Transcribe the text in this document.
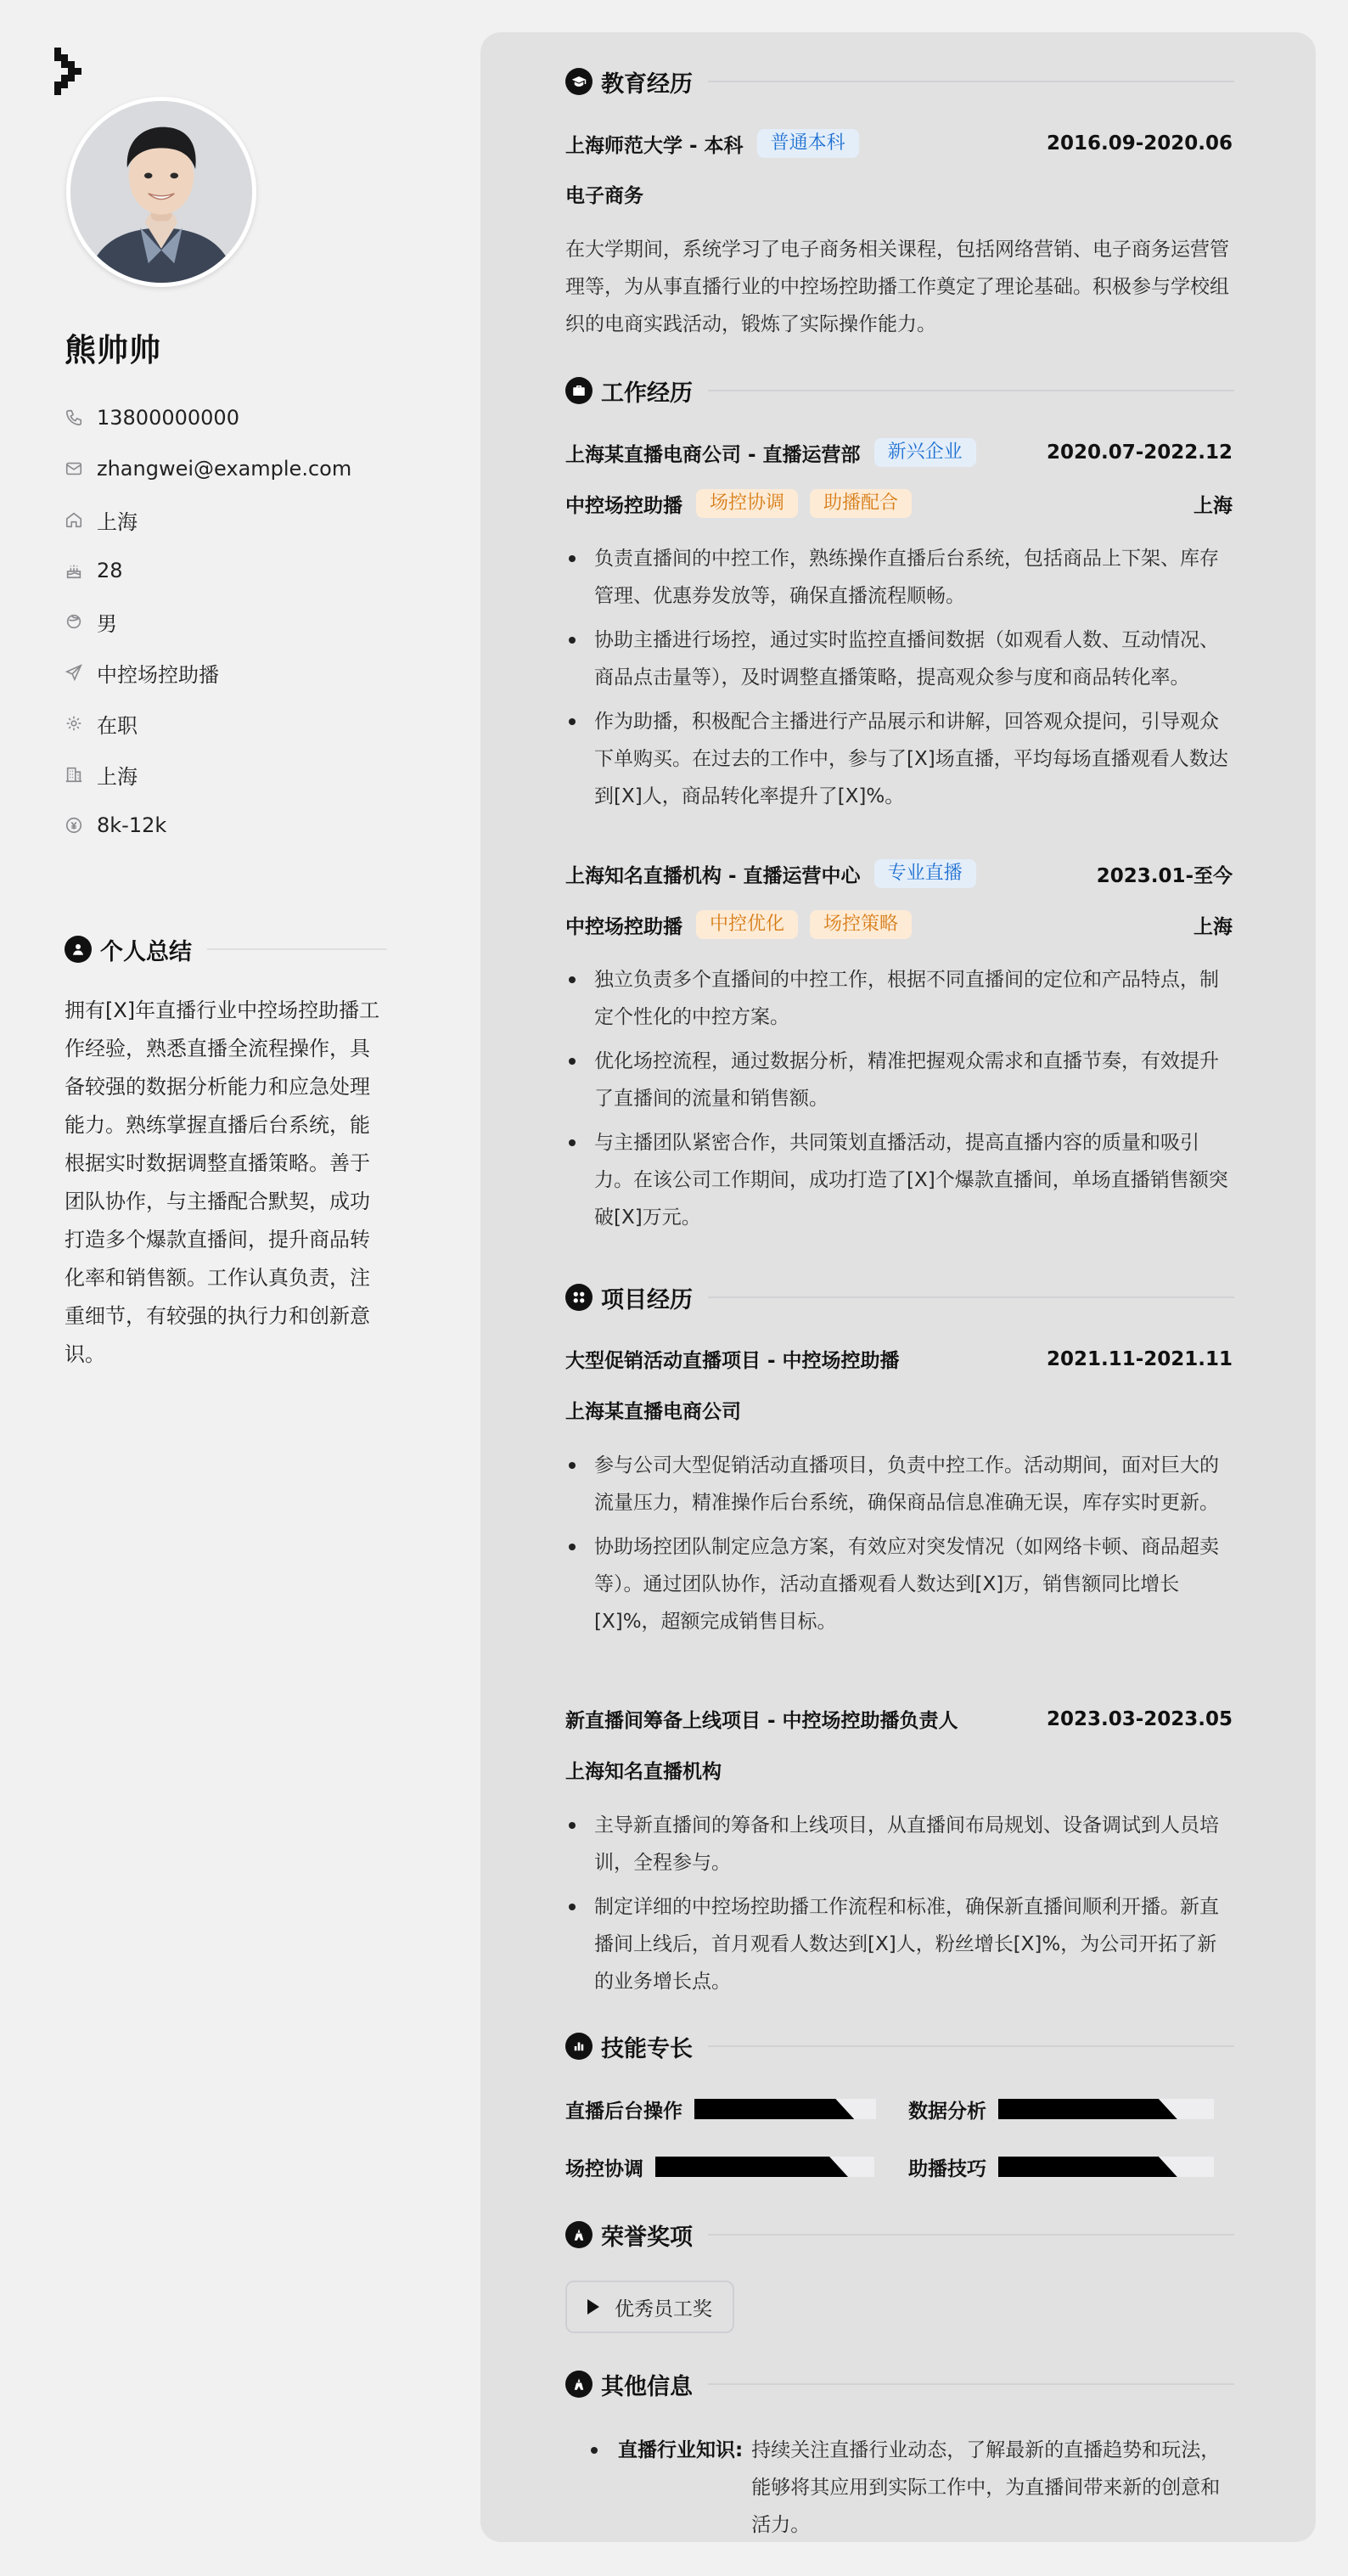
熊帅帅
13800000000
zhangwei@example.com
上海
28
男
中控场控助播
在职
上海
8k-12k
个人总结
拥有[X]年直播行业中控场控助播工作经验，熟悉直播全流程操作，具备较强的数据分析能力和应急处理能力。熟练掌握直播后台系统，能根据实时数据调整直播策略。善于团队协作，与主播配合默契，成功打造多个爆款直播间，提升商品转化率和销售额。工作认真负责，注重细节，有较强的执行力和创新意识。
教育经历
上海师范大学 - 本科	普通本科	2016.09-2020.06
电子商务
在大学期间，系统学习了电子商务相关课程，包括网络营销、电子商务运营管理等，为从事直播行业的中控场控助播工作奠定了理论基础。积极参与学校组织的电商实践活动，锻炼了实际操作能力。
工作经历
上海某直播电商公司 - 直播运营部	新兴企业	2020.07-2022.12
中控场控助播	场控协调	助播配合	上海
负责直播间的中控工作，熟练操作直播后台系统，包括商品上下架、库存管理、优惠券发放等，确保直播流程顺畅。
协助主播进行场控，通过实时监控直播间数据（如观看人数、互动情况、商品点击量等），及时调整直播策略，提高观众参与度和商品转化率。
作为助播，积极配合主播进行产品展示和讲解，回答观众提问，引导观众下单购买。在过去的工作中，参与了[X]场直播，平均每场直播观看人数达到[X]人，商品转化率提升了[X]%。
上海知名直播机构 - 直播运营中心	专业直播	2023.01-至今
中控场控助播	中控优化	场控策略	上海
独立负责多个直播间的中控工作，根据不同直播间的定位和产品特点，制定个性化的中控方案。
优化场控流程，通过数据分析，精准把握观众需求和直播节奏，有效提升了直播间的流量和销售额。
与主播团队紧密合作，共同策划直播活动，提高直播内容的质量和吸引力。在该公司工作期间，成功打造了[X]个爆款直播间，单场直播销售额突破[X]万元。
项目经历
大型促销活动直播项目 - 中控场控助播	2021.11-2021.11
上海某直播电商公司
参与公司大型促销活动直播项目，负责中控工作。活动期间，面对巨大的流量压力，精准操作后台系统，确保商品信息准确无误，库存实时更新。
协助场控团队制定应急方案，有效应对突发情况（如网络卡顿、商品超卖等）。通过团队协作，活动直播观看人数达到[X]万，销售额同比增长[X]%，超额完成销售目标。
新直播间筹备上线项目 - 中控场控助播负责人	2023.03-2023.05
上海知名直播机构
主导新直播间的筹备和上线项目，从直播间布局规划、设备调试到人员培训，全程参与。
制定详细的中控场控助播工作流程和标准，确保新直播间顺利开播。新直播间上线后，首月观看人数达到[X]人，粉丝增长[X]%，为公司开拓了新的业务增长点。
技能专长
直播后台操作	数据分析
场控协调	助播技巧
荣誉奖项
优秀员工奖
其他信息
直播行业知识: 持续关注直播行业动态，了解最新的直播趋势和玩法，能够将其应用到实际工作中，为直播间带来新的创意和活力。
